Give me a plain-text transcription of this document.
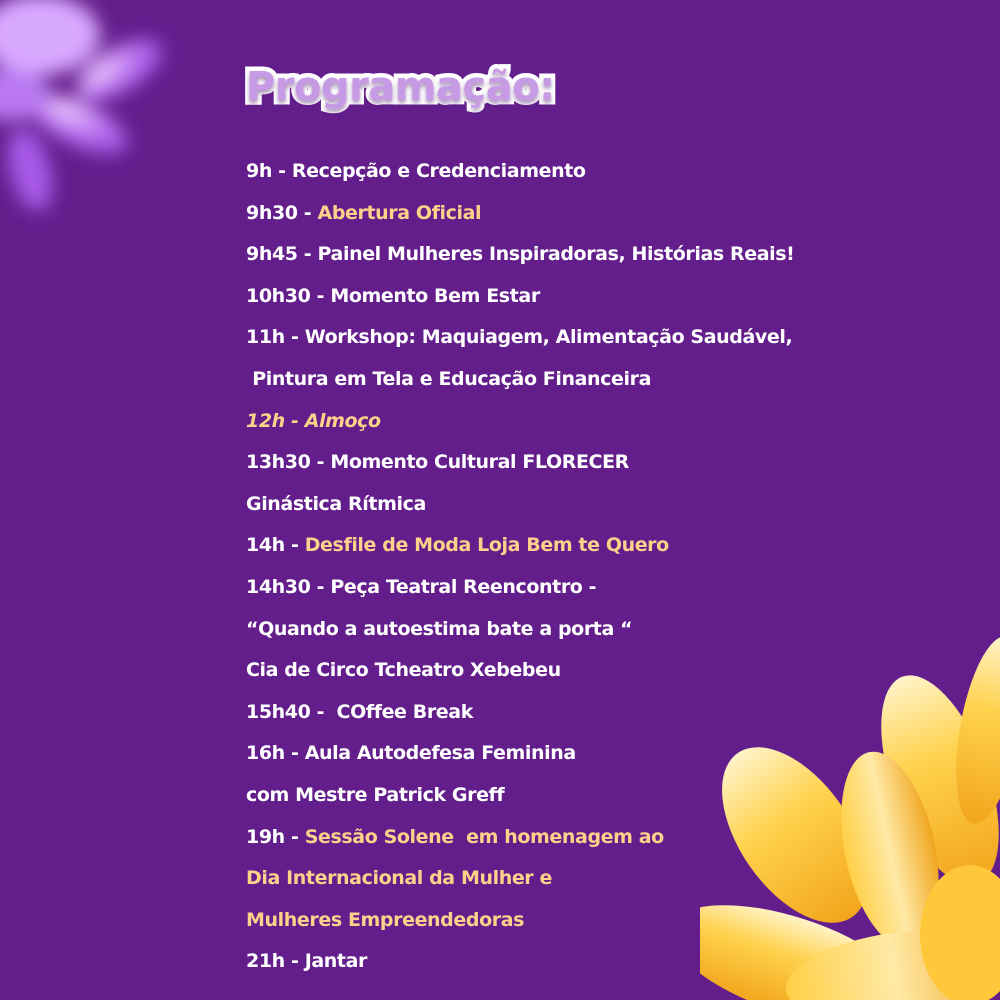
Programação:
9h - Recepção e Credenciamento
9h30 - Abertura Oficial
9h45 - Painel Mulheres Inspiradoras, Histórias Reais!
10h30 - Momento Bem Estar
11h - Workshop: Maquiagem, Alimentação Saudável,
Pintura em Tela e Educação Financeira
12h - Almoço
13h30 - Momento Cultural FLORECER
Ginástica Rítmica
14h - Desfile de Moda Loja Bem te Quero
14h30 - Peça Teatral Reencontro -
“Quando a autoestima bate a porta “
Cia de Circo Tcheatro Xebebeu
15h40 -  COffee Break
16h - Aula Autodefesa Feminina
com Mestre Patrick Greff
19h - Sessão Solene  em homenagem ao
Dia Internacional da Mulher e
Mulheres Empreendedoras
21h - Jantar
